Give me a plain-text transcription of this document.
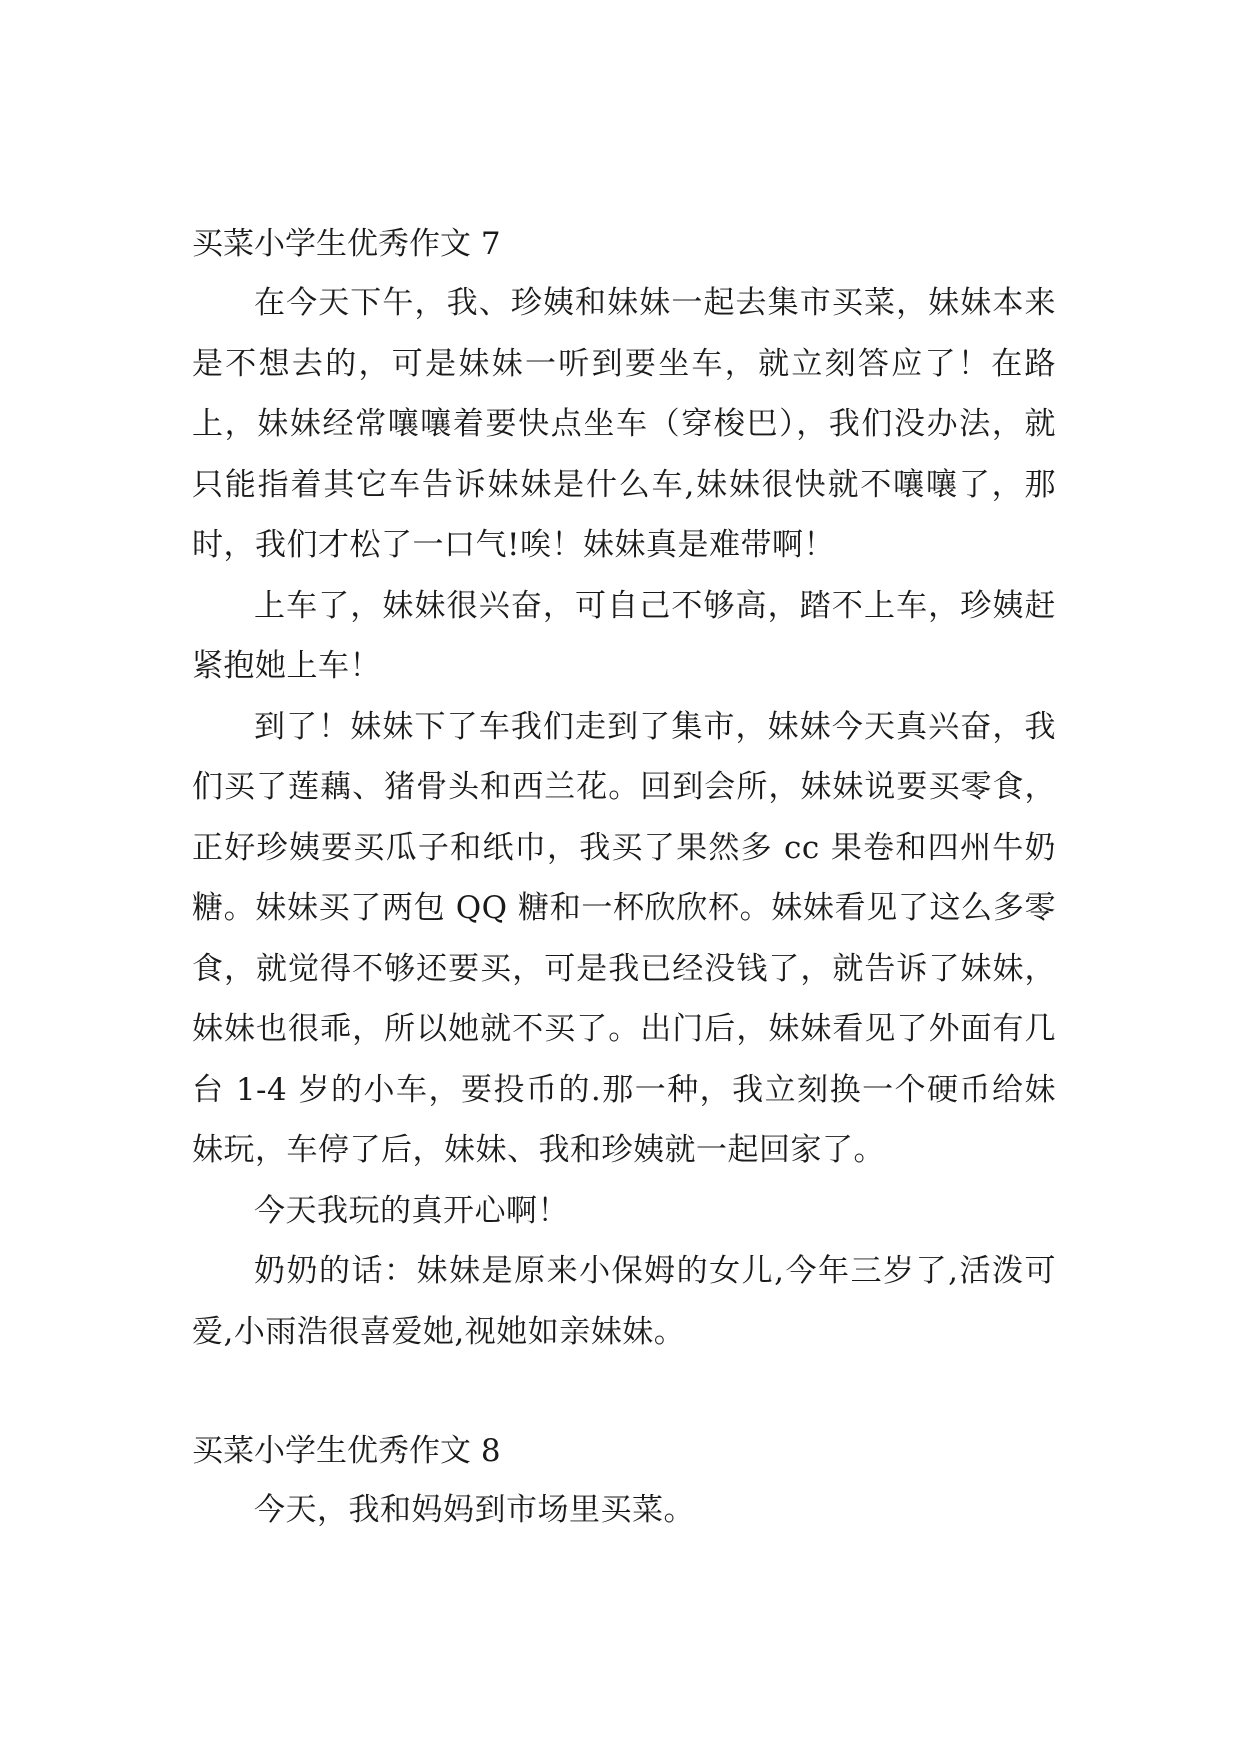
买菜小学生优秀作文 7

在今天下午，我、珍姨和妹妹一起去集市买菜，妹妹本来是不想去的，可是妹妹一听到要坐车，就立刻答应了！在路上，妹妹经常嚷嚷着要快点坐车（穿梭巴），我们没办法，就只能指着其它车告诉妹妹是什么车,妹妹很快就不嚷嚷了，那时，我们才松了一口气!唉！妹妹真是难带啊！

上车了，妹妹很兴奋，可自己不够高，踏不上车，珍姨赶紧抱她上车！

到了！妹妹下了车我们走到了集市，妹妹今天真兴奋，我们买了莲藕、猪骨头和西兰花。回到会所，妹妹说要买零食，正好珍姨要买瓜子和纸巾，我买了果然多 cc 果卷和四州牛奶糖。妹妹买了两包 QQ 糖和一杯欣欣杯。妹妹看见了这么多零食，就觉得不够还要买，可是我已经没钱了，就告诉了妹妹，妹妹也很乖，所以她就不买了。出门后，妹妹看见了外面有几台 1-4 岁的小车，要投币的.那一种，我立刻换一个硬币给妹妹玩，车停了后，妹妹、我和珍姨就一起回家了。

今天我玩的真开心啊！

奶奶的话：妹妹是原来小保姆的女儿,今年三岁了,活泼可爱,小雨浩很喜爱她,视她如亲妹妹。

买菜小学生优秀作文 8

今天，我和妈妈到市场里买菜。
